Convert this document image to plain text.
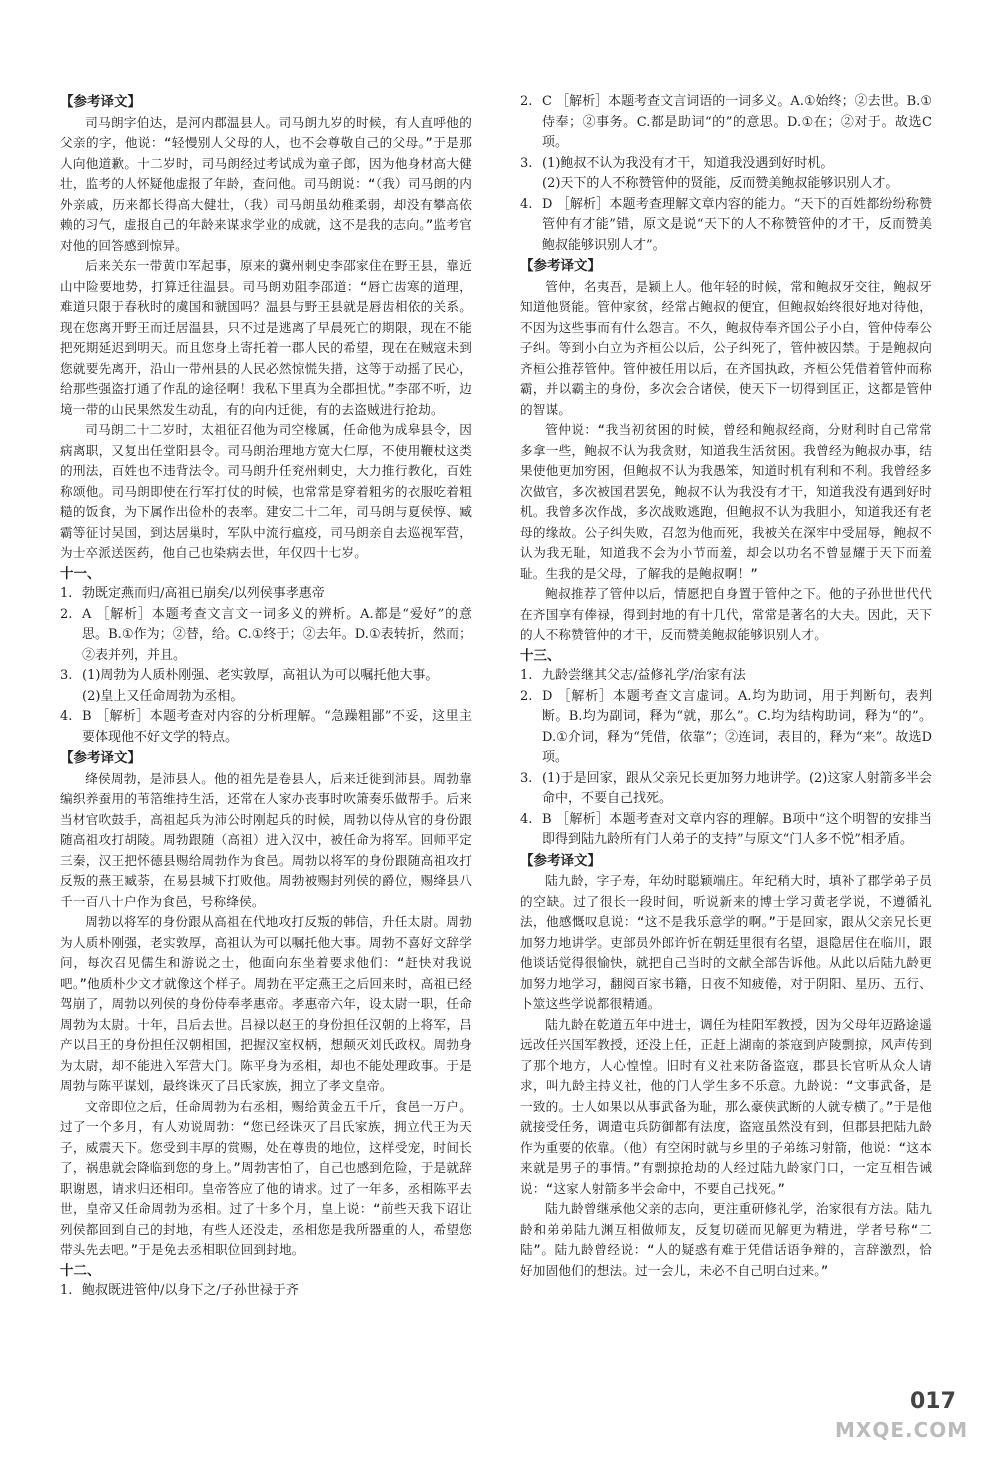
【参考译文】

司马朗字伯达，是河内郡温县人。司马朗九岁的时候，有人直呼他的父亲的字，他说：“轻慢别人父母的人，也不会尊敬自己的父母。”于是那人向他道歉。十二岁时，司马朗经过考试成为童子郎，因为他身材高大健壮，监考的人怀疑他虚报了年龄，查问他。司马朗说：“（我）司马朗的内外亲戚，历来都长得高大健壮，（我）司马朗虽幼稚柔弱，却没有攀高依赖的习气，虚报自己的年龄来谋求学业的成就，这不是我的志向。”监考官对他的回答感到惊异。

后来关东一带黄巾军起事，原来的冀州刺史李邵家住在野王县，靠近山中险要地势，打算迁往温县。司马朗劝阻李邵道：“唇亡齿寒的道理，难道只限于春秋时的虞国和虢国吗？温县与野王县就是唇齿相依的关系。现在您离开野王而迁居温县，只不过是逃离了早晨死亡的期限，现在不能把死期延迟到明天。而且您身上寄托着一郡人民的希望，现在在贼寇未到您就要先离开，沿山一带州县的人民必然惊慌失措，这等于动摇了民心，给那些强盗打通了作乱的途径啊！我私下里真为全郡担忧。”李邵不听，边境一带的山民果然发生动乱，有的向内迁徙，有的去盗贼进行抢劫。

司马朗二十二岁时，太祖征召他为司空椽属，任命他为成皋县令，因病离职，又复出任堂阳县令。司马朗治理地方宽大仁厚，不使用鞭杖这类的刑法，百姓也不违背法令。司马朗升任兖州刺史，大力推行教化，百姓称颂他。司马朗即使在行军打仗的时候，也常常是穿着粗劣的衣服吃着粗糙的饭食，为下属作出俭朴的表率。建安二十二年，司马朗与夏侯惇、臧霸等征讨吴国，到达居巢时，军队中流行瘟疫，司马朗亲自去巡视军营，为士卒派送医药，他自己也染病去世，年仅四十七岁。

十一、
1. 勃既定燕而归/高祖已崩矣/以列侯事孝惠帝
2. A ［解析］本题考查文言文一词多义的辨析。A.都是“爱好”的意思。B.①作为；②替，给。C.①终于；②去年。D.①表转折，然而；②表并列，并且。
3. (1)周勃为人质朴刚强、老实敦厚，高祖认为可以嘱托他大事。
(2)皇上又任命周勃为丞相。
4. B ［解析］本题考查对内容的分析理解。“急躁粗鄙”不妥，这里主要体现他不好文学的特点。
【参考译文】

绛侯周勃，是沛县人。他的祖先是卷县人，后来迁徙到沛县。周勃靠编织养蚕用的苇箔维持生活，还常在人家办丧事时吹箫奏乐做帮手。后来当材官吹鼓手，高祖起兵为沛公时刚起兵的时候，周勃以侍从官的身份跟随高祖攻打胡陵。周勃跟随（高祖）进入汉中，被任命为将军。回师平定三秦，汉王把怀德县赐给周勃作为食邑。周勃以将军的身份跟随高祖攻打反叛的燕王臧荼，在易县城下打败他。周勃被赐封列侯的爵位，赐绛县八千一百八十户作为食邑，号称绛侯。

周勃以将军的身份跟从高祖在代地攻打反叛的韩信，升任太尉。周勃为人质朴刚强，老实敦厚，高祖认为可以嘱托他大事。周勃不喜好文辞学问，每次召见儒生和游说之士，他面向东坐着要求他们：“赶快对我说吧。”他质朴少文才就像这个样子。周勃在平定燕王之后回来时，高祖已经驾崩了，周勃以列侯的身份侍奉孝惠帝。孝惠帝六年，设太尉一职，任命周勃为太尉。十年，吕后去世。吕禄以赵王的身份担任汉朝的上将军，吕产以吕王的身份担任汉朝相国，把握汉室权柄，想颠灭刘氏政权。周勃身为太尉，却不能进入军营大门。陈平身为丞相，却也不能处理政事。于是周勃与陈平谋划，最终诛灭了吕氏家族，拥立了孝文皇帝。

文帝即位之后，任命周勃为右丞相，赐给黄金五千斤，食邑一万户。过了一个多月，有人劝说周勃：“您已经诛灭了吕氏家族，拥立代王为天子，威震天下。您受到丰厚的赏赐，处在尊贵的地位，这样受宠，时间长了，祸患就会降临到您的身上。”周勃害怕了，自己也感到危险，于是就辞职谢恩，请求归还相印。皇帝答应了他的请求。过了一年多，丞相陈平去世，皇帝又任命周勃为丞相。过了十多个月，皇上说：“前些天我下诏让列侯都回到自己的封地，有些人还没走，丞相您是我所器重的人，希望您带头先去吧。”于是免去丞相职位回到封地。

十二、
1. 鲍叔既进管仲/以身下之/子孙世禄于齐
2. C ［解析］本题考查文言词语的一词多义。A.①始终；②去世。B.①侍奉；②事务。C.都是助词“的”的意思。D.①在；②对于。故选C项。
3. (1)鲍叔不认为我没有才干，知道我没遇到好时机。
(2)天下的人不称赞管仲的贤能，反而赞美鲍叔能够识别人才。
4. D ［解析］本题考查理解文章内容的能力。“天下的百姓都纷纷称赞管仲有才能”错，原文是说“天下的人不称赞管仲的才干，反而赞美鲍叔能够识别人才”。
【参考译文】

管仲，名夷吾，是颍上人。他年轻的时候，常和鲍叔牙交往，鲍叔牙知道他贤能。管仲家贫，经常占鲍叔的便宜，但鲍叔始终很好地对待他，不因为这些事而有什么怨言。不久，鲍叔侍奉齐国公子小白，管仲侍奉公子纠。等到小白立为齐桓公以后，公子纠死了，管仲被囚禁。于是鲍叔向齐桓公推荐管仲。管仲被任用以后，在齐国执政，齐桓公凭借着管仲而称霸，并以霸主的身份，多次会合诸侯，使天下一切得到匡正，这都是管仲的智谋。

管仲说：“我当初贫困的时候，曾经和鲍叔经商，分财利时自己常常多拿一些，鲍叔不认为我贪财，知道我生活贫困。我曾经为鲍叔办事，结果使他更加穷困，但鲍叔不认为我愚笨，知道时机有利和不利。我曾经多次做官，多次被国君罢免，鲍叔不认为我没有才干，知道我没有遇到好时机。我曾多次作战，多次战败逃跑，但鲍叔不认为我胆小，知道我还有老母的缘故。公子纠失败，召忽为他而死，我被关在深牢中受屈辱，鲍叔不认为我无耻，知道我不会为小节而羞，却会以功名不曾显耀于天下而羞耻。生我的是父母，了解我的是鲍叔啊！”

鲍叔推荐了管仲以后，情愿把自身置于管仲之下。他的子孙世世代代在齐国享有俸禄，得到封地的有十几代，常常是著名的大夫。因此，天下的人不称赞管仲的才干，反而赞美鲍叔能够识别人才。

十三、
1. 九龄尝继其父志/益修礼学/治家有法
2. D ［解析］本题考查文言虚词。A.均为助词，用于判断句，表判断。B.均为副词，释为“就，那么”。C.均为结构助词，释为“的”。D.①介词，释为“凭借，依靠”；②连词，表目的，释为“来”。故选D项。
3. (1)于是回家，跟从父亲兄长更加努力地讲学。(2)这家人射箭多半会命中，不要自己找死。
4. B ［解析］本题考查对文章内容的理解。B项中“这个明智的安排当即得到陆九龄所有门人弟子的支持”与原文“门人多不悦”相矛盾。
【参考译文】

陆九龄，字子寿，年幼时聪颖端庄。年纪稍大时，填补了郡学弟子员的空缺。过了很长一段时间，听说新来的博士学习黄老学说，不遵循礼法，他感慨叹息说：“这不是我乐意学的啊。”于是回家，跟从父亲兄长更加努力地讲学。吏部员外郎许忻在朝廷里很有名望，退隐居住在临川，跟他谈话觉得很愉快，就把自己当时的文献全部告诉他。从此以后陆九龄更加努力地学习，翻阅百家书籍，日夜不知疲倦，对于阴阳、星历、五行、卜筮这些学说都很精通。

陆九龄在乾道五年中进士，调任为桂阳军教授，因为父母年迈路途遥远改任兴国军教授，还没上任，正赶上湖南的茶寇到庐陵剽掠，风声传到了那个地方，人心惶惶。旧时有义社来防备盗寇，郡县长官听从众人请求，叫九龄主持义社，他的门人学生多不乐意。九龄说：“文事武备，是一致的。士人如果以从事武备为耻，那么豪侠武断的人就专横了。”于是他就接受任务，调遣屯兵防御都有法度，盗寇虽然没有到，但郡县把陆九龄作为重要的依靠。（他）有空闲时就与乡里的子弟练习射箭，他说：“这本来就是男子的事情。”有剽掠抢劫的人经过陆九龄家门口，一定互相告诫说：“这家人射箭多半会命中，不要自己找死。”

陆九龄曾继承他父亲的志向，更注重研修礼学，治家很有方法。陆九龄和弟弟陆九渊互相做师友，反复切磋而见解更为精进，学者号称“二陆”。陆九龄曾经说：“人的疑惑有难于凭借话语争辩的，言辞激烈，恰好加固他们的想法。过一会儿，未必不自己明白过来。”

017
MXQE.COM
